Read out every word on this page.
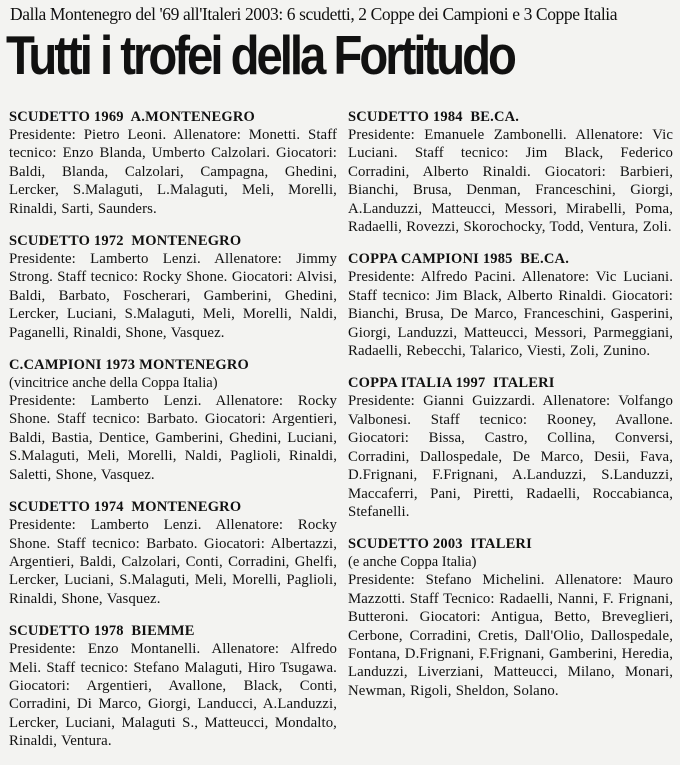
Dalla Montenegro del '69 all'Italeri 2003: 6 scudetti, 2 Coppe dei Campioni e 3 Coppe Italia
Tutti i trofei della Fortitudo
SCUDETTO 1969  A.MONTENEGRO
Presidente: Pietro Leoni. Allenatore: Monetti. Staff tecnico: Enzo Blanda, Umberto Calzolari. Giocatori: Baldi, Blanda, Calzolari, Campagna, Ghedini, Lercker, S.Malaguti, L.Malaguti, Meli, Morelli, Rinaldi, Sarti, Saunders.
SCUDETTO 1972  MONTENEGRO
Presidente: Lamberto Lenzi. Allenatore: Jimmy Strong. Staff tecnico: Rocky Shone. Giocatori: Alvisi, Baldi, Barbato, Foscherari, Gamberini, Ghedini, Lercker, Luciani, S.Malaguti, Meli, Morelli, Naldi, Paganelli, Rinaldi, Shone, Vasquez.
C.CAMPIONI 1973 MONTENEGRO
(vincitrice anche della Coppa Italia)
Presidente: Lamberto Lenzi. Allenatore: Rocky Shone. Staff tecnico: Barbato. Giocatori: Argentieri, Baldi, Bastia, Dentice, Gamberini, Ghedini, Luciani, S.Malaguti, Meli, Morelli, Naldi, Paglioli, Rinaldi, Saletti, Shone, Vasquez.
SCUDETTO 1974  MONTENEGRO
Presidente: Lamberto Lenzi. Allenatore: Rocky Shone. Staff tecnico: Barbato. Giocatori: Albertazzi, Argentieri, Baldi, Calzolari, Conti, Corradini, Ghelfi, Lercker, Luciani, S.Malaguti, Meli, Morelli, Paglioli, Rinaldi, Shone, Vasquez.
SCUDETTO 1978  BIEMME
Presidente: Enzo Montanelli. Allenatore: Alfredo Meli. Staff tecnico: Stefano Malaguti, Hiro Tsugawa. Giocatori: Argentieri, Avallone, Black, Conti, Corradini, Di Marco, Giorgi, Landucci, A.Landuzzi, Lercker, Luciani, Malaguti S., Matteucci, Mondalto, Rinaldi, Ventura.
SCUDETTO 1984  BE.CA.
Presidente: Emanuele Zambonelli. Allenatore: Vic Luciani. Staff tecnico: Jim Black, Federico Corradini, Alberto Rinaldi. Giocatori: Barbieri, Bianchi, Brusa, Denman, Franceschini, Giorgi, A.Landuzzi, Matteucci, Messori, Mirabelli, Poma, Radaelli, Rovezzi, Skorochocky, Todd, Ventura, Zoli.
COPPA CAMPIONI 1985  BE.CA.
Presidente: Alfredo Pacini. Allenatore: Vic Luciani. Staff tecnico: Jim Black, Alberto Rinaldi. Giocatori: Bianchi, Brusa, De Marco, Franceschini, Gasperini, Giorgi, Landuzzi, Matteucci, Messori, Parmeggiani, Radaelli, Rebecchi, Talarico, Viesti, Zoli, Zunino.
COPPA ITALIA 1997  ITALERI
Presidente: Gianni Guizzardi. Allenatore: Volfango Valbonesi. Staff tecnico: Rooney, Avallone. Giocatori: Bissa, Castro, Collina, Conversi, Corradini, Dallospedale, De Marco, Desii, Fava, D.Frignani, F.Frignani, A.Landuzzi, S.Landuzzi, Maccaferri, Pani, Piretti, Radaelli, Roccabianca, Stefanelli.
SCUDETTO 2003  ITALERI
(e anche Coppa Italia)
Presidente: Stefano Michelini. Allenatore: Mauro Mazzotti. Staff Tecnico: Radaelli, Nanni, F. Frignani, Butteroni. Giocatori: Antigua, Betto, Breveglieri, Cerbone, Corradini, Cretis, Dall'Olio, Dallospedale, Fontana, D.Frignani, F.Frignani, Gamberini, Heredia, Landuzzi, Liverziani, Matteucci, Milano, Monari, Newman, Rigoli, Sheldon, Solano.
